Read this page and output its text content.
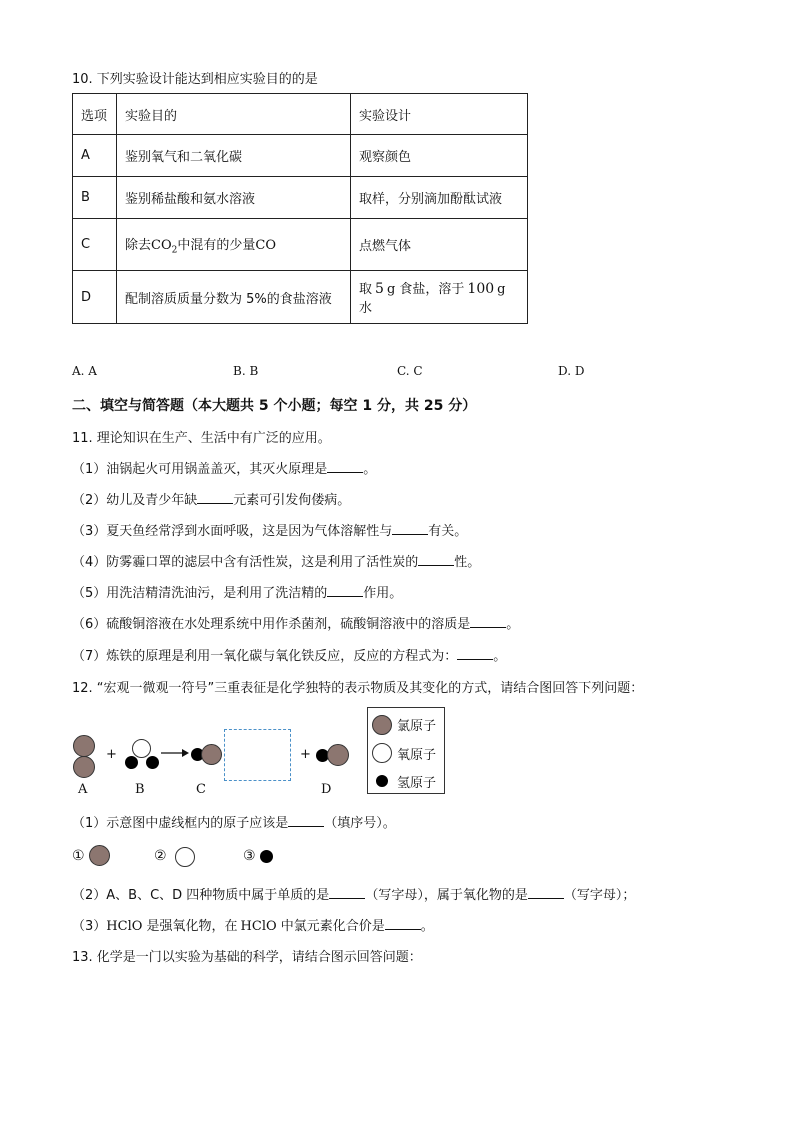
10. 下列实验设计能达到相应实验目的的是
选项	实验目的	实验设计
A	鉴别氧气和二氧化碳	观察颜色
B	鉴别稀盐酸和氨水溶液	取样，分别滴加酚酞试液
C	除去$CO_2$中混有的少量CO	点燃气体
D	配制溶质质量分数为 5%的食盐溶液	取 5 g 食盐，溶于 100 g 水
A. A	B. B	C. C	D. D
二、填空与简答题（本大题共 5 个小题；每空 1 分，共 25 分）
11. 理论知识在生产、生活中有广泛的应用。
（1）油锅起火可用锅盖盖灭，其灭火原理是	。
（2）幼儿及青少年缺	元素可引发佝偻病。
（3）夏天鱼经常浮到水面呼吸，这是因为气体溶解性与	有关。
（4）防雾霾口罩的滤层中含有活性炭，这是利用了活性炭的	性。
（5）用洗洁精清洗油污，是利用了洗洁精的	作用。
（6）硫酸铜溶液在水处理系统中用作杀菌剂，硫酸铜溶液中的溶质是	。
（7）炼铁的原理是利用一氧化碳与氧化铁反应，反应的方程式为：	。
12. “宏观一微观一符号”三重表征是化学独特的表示物质及其变化的方式，请结合图回答下列问题：
+	+
A	B	C	D
氯原子
氧原子
氢原子
（1）示意图中虚线框内的原子应该是	（填序号）。
①	②	③
（2）A、B、C、D 四种物质中属于单质的是	（写字母），属于氧化物的是	（写字母）；
（3）HClO 是强氧化物，在 HClO 中氯元素化合价是	。
13. 化学是一门以实验为基础的科学，请结合图示回答问题：
